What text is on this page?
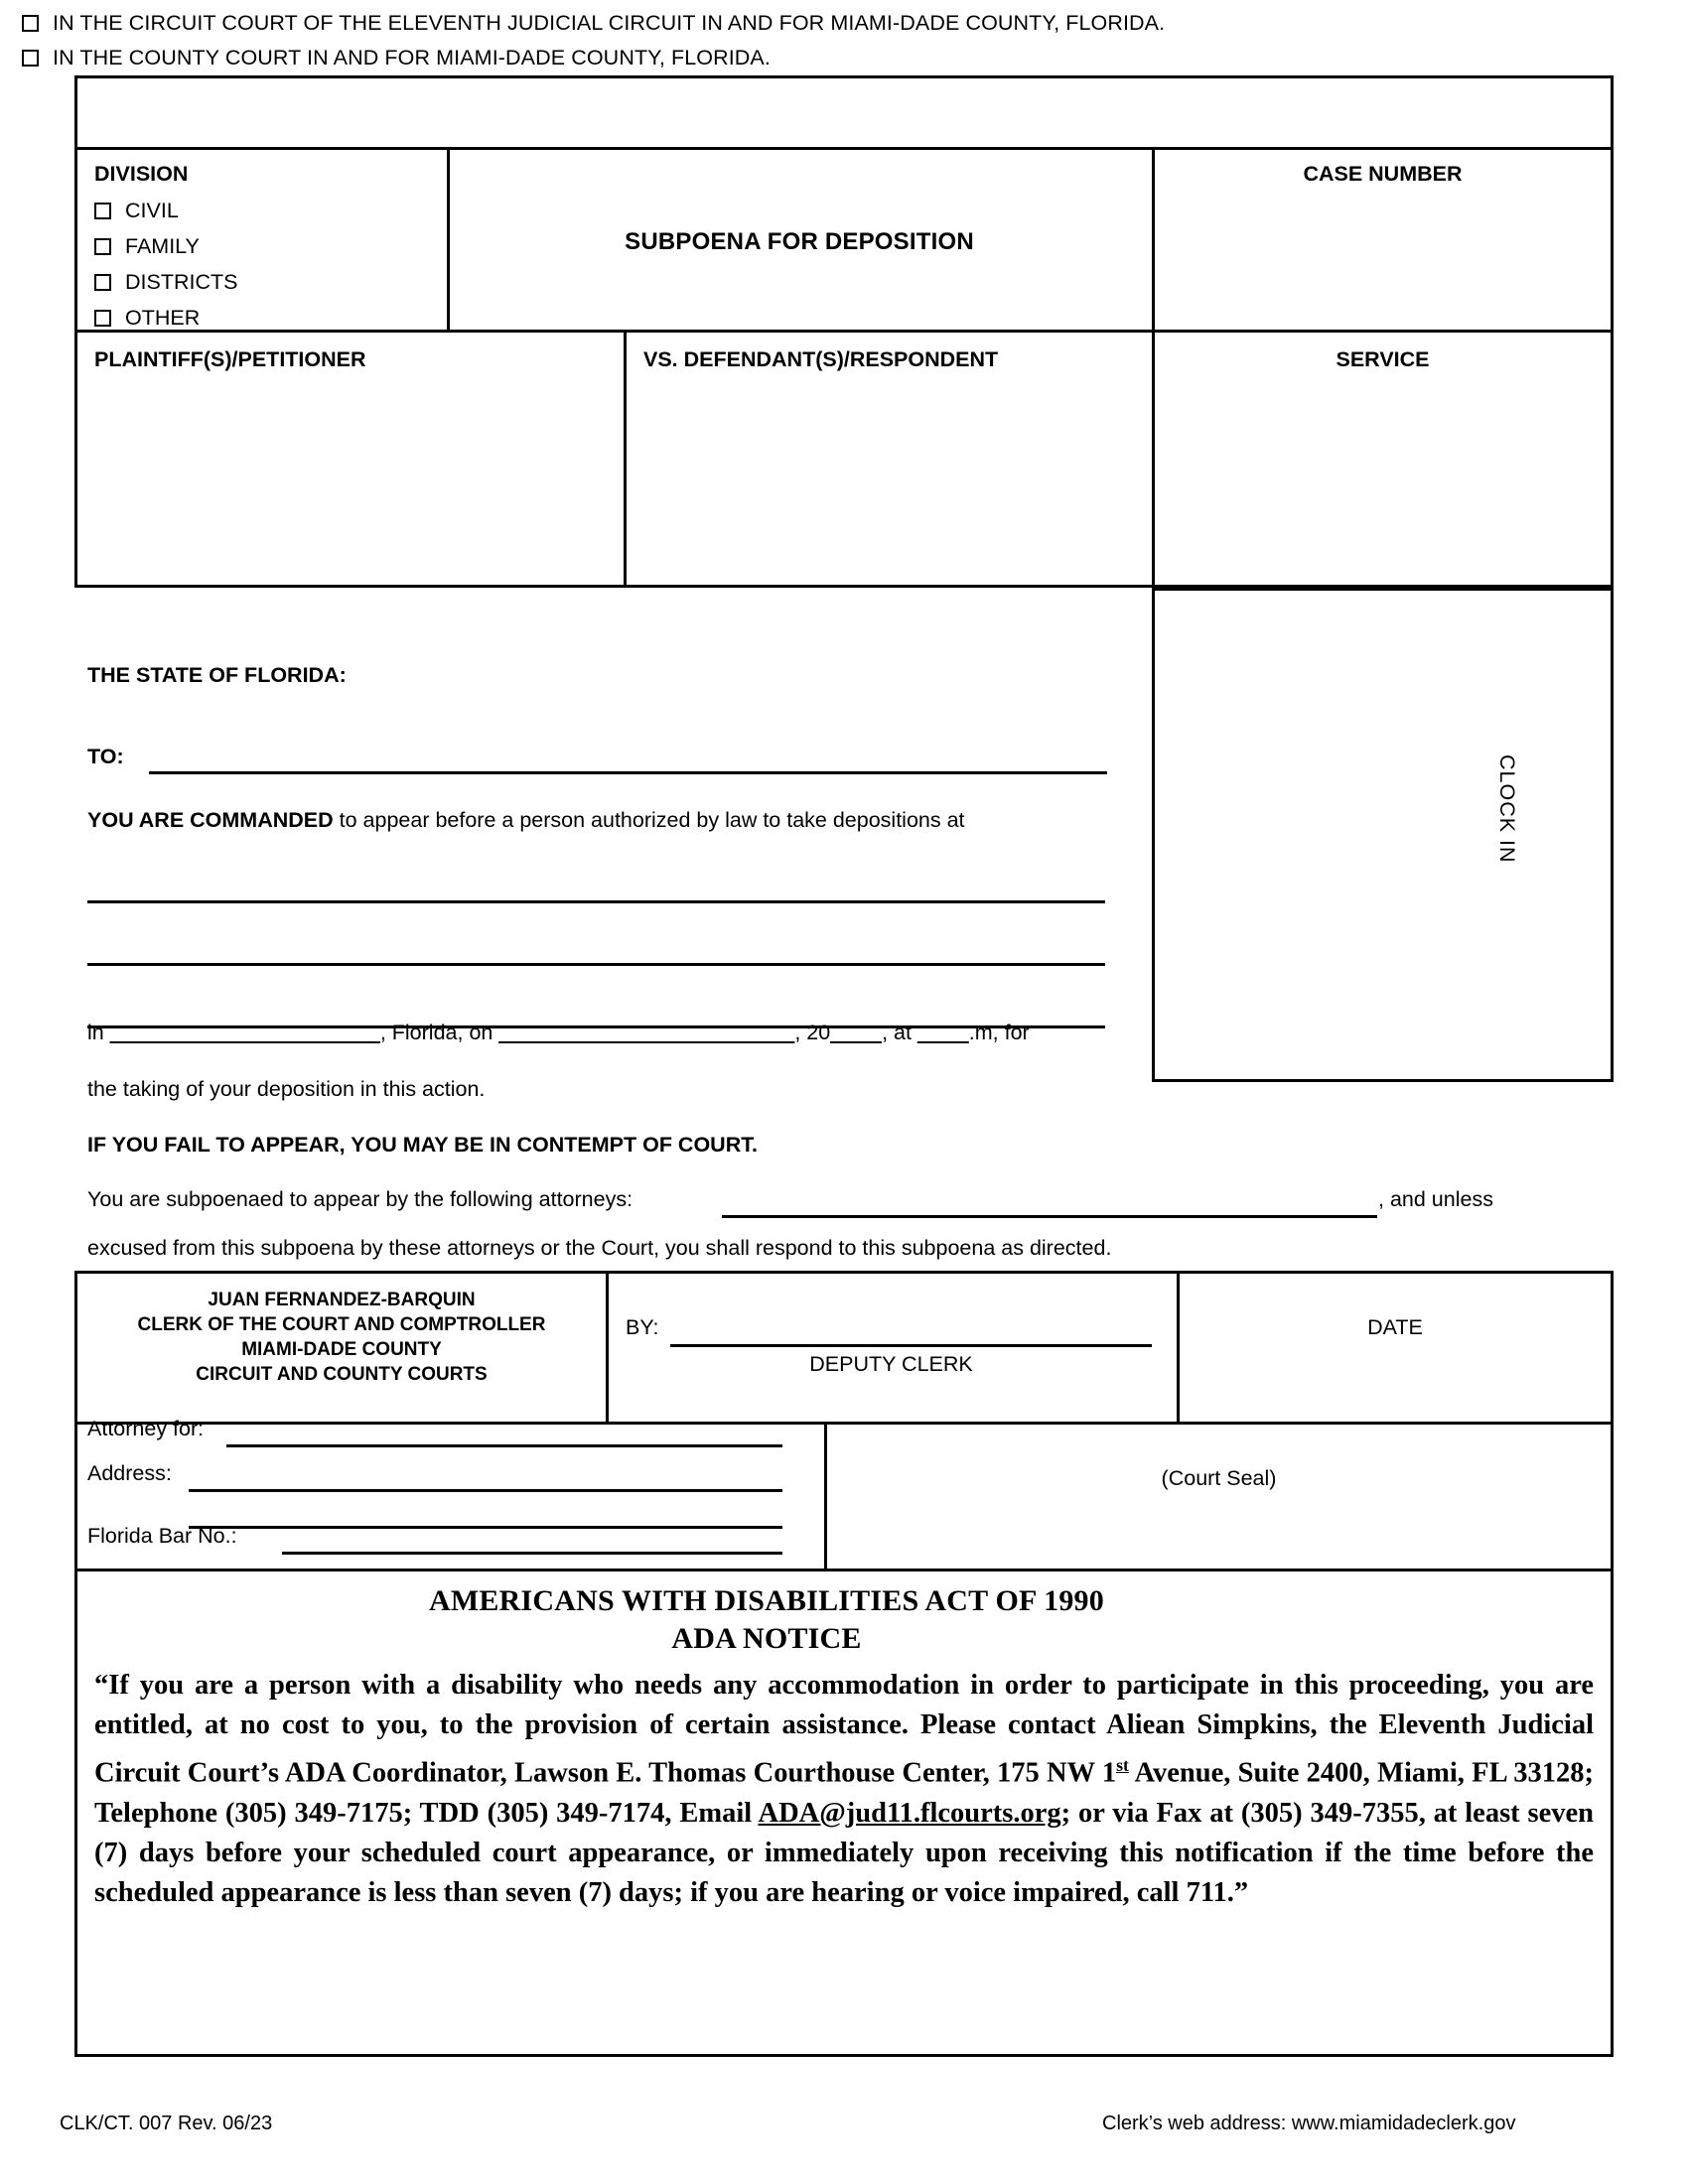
IN THE CIRCUIT COURT OF THE ELEVENTH JUDICIAL CIRCUIT IN AND FOR MIAMI-DADE COUNTY, FLORIDA.
IN THE COUNTY COURT IN AND FOR MIAMI-DADE COUNTY, FLORIDA.
DIVISION
CIVIL
FAMILY
DISTRICTS
OTHER
SUBPOENA FOR DEPOSITION
CASE NUMBER
PLAINTIFF(S)/PETITIONER	VS. DEFENDANT(S)/RESPONDENT	SERVICE
CLOCK IN
THE STATE OF FLORIDA:
TO:
YOU ARE COMMANDED to appear before a person authorized by law to take depositions at
in _____________________, Florida, on _______________________, 20____, at ____.m, for
the taking of your deposition in this action.
IF YOU FAIL TO APPEAR, YOU MAY BE IN CONTEMPT OF COURT.
You are subpoenaed to appear by the following attorneys:	, and unless
excused from this subpoena by these attorneys or the Court, you shall respond to this subpoena as directed.
JUAN FERNANDEZ-BARQUIN
CLERK OF THE COURT AND COMPTROLLER
MIAMI-DADE COUNTY
CIRCUIT AND COUNTY COURTS
BY:
DEPUTY CLERK
DATE
Attorney for:
Address:
Florida Bar No.:
(Court Seal)
AMERICANS WITH DISABILITIES ACT OF 1990
ADA NOTICE
“If you are a person with a disability who needs any accommodation in order to participate in this proceeding, you are entitled, at no cost to you, to the provision of certain assistance. Please contact Aliean Simpkins, the Eleventh Judicial Circuit Court’s ADA Coordinator, Lawson E. Thomas Courthouse Center, 175 NW 1st Avenue, Suite 2400, Miami, FL 33128; Telephone (305) 349-7175; TDD (305) 349-7174, Email ADA@jud11.flcourts.org; or via Fax at (305) 349-7355, at least seven (7) days before your scheduled court appearance, or immediately upon receiving this notification if the time before the scheduled appearance is less than seven (7) days; if you are hearing or voice impaired, call 711.”
CLK/CT. 007 Rev. 06/23	Clerk’s web address: www.miamidadeclerk.gov
